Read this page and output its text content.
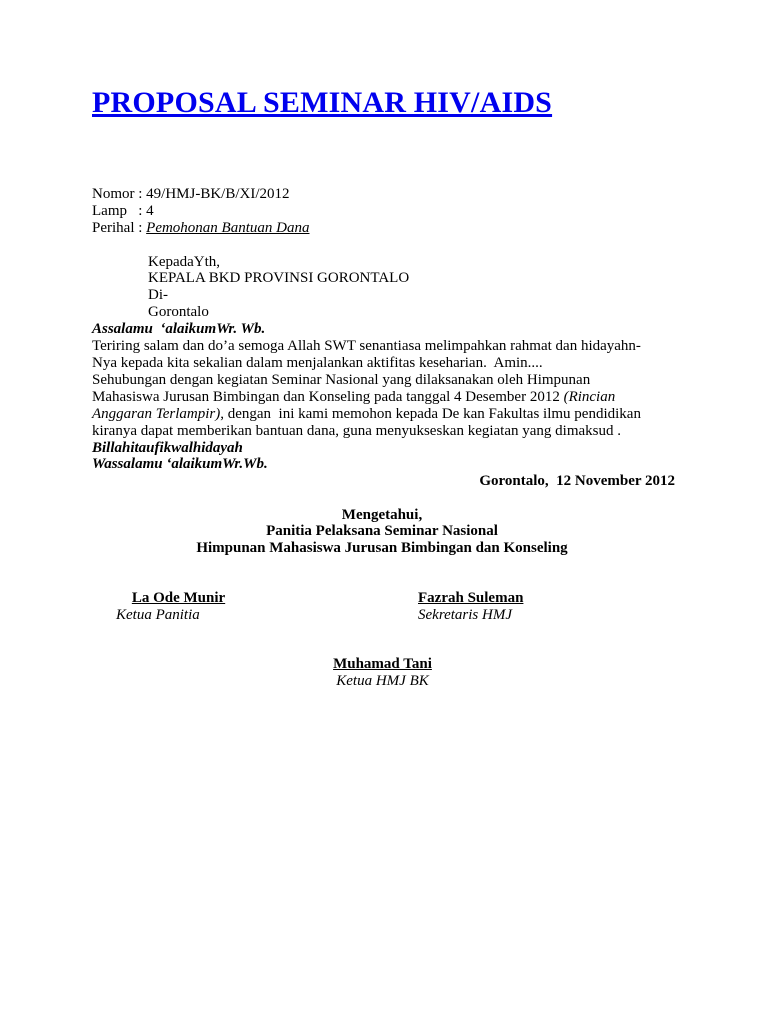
PROPOSAL SEMINAR HIV/AIDS
Nomor : 49/HMJ-BK/B/XI/2012
Lamp   : 4
Perihal : Pemohonan Bantuan Dana
KepadaYth,
KEPALA BKD PROVINSI GORONTALO
Di-
Gorontalo
Assalamu  ‘alaikumWr. Wb.
Teriring salam dan do’a semoga Allah SWT senantiasa melimpahkan rahmat dan hidayahn-
Nya kepada kita sekalian dalam menjalankan aktifitas keseharian.  Amin....
Sehubungan dengan kegiatan Seminar Nasional yang dilaksanakan oleh Himpunan
Mahasiswa Jurusan Bimbingan dan Konseling pada tanggal 4 Desember 2012 (Rincian
Anggaran Terlampir), dengan  ini kami memohon kepada De kan Fakultas ilmu pendidikan
kiranya dapat memberikan bantuan dana, guna menyukseskan kegiatan yang dimaksud .
Billahitaufikwalhidayah
Wassalamu ‘alaikumWr.Wb.
Gorontalo,  12 November 2012
Mengetahui,
Panitia Pelaksana Seminar Nasional
Himpunan Mahasiswa Jurusan Bimbingan dan Konseling
La Ode Munir
Ketua Panitia
Fazrah Suleman
Sekretaris HMJ
Muhamad Tani
Ketua HMJ BK
